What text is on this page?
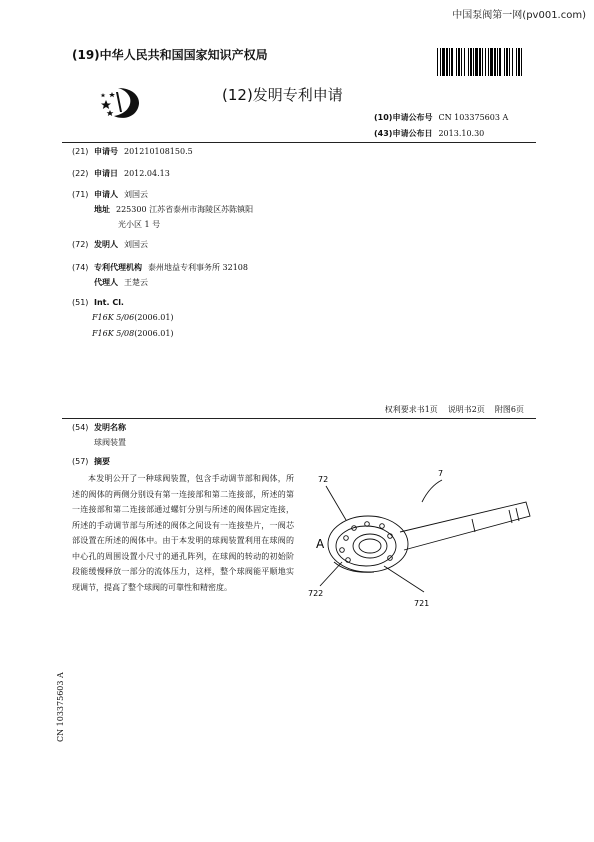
中国泵阀第一网(pv001.com)
(19)中华人民共和国国家知识产权局
(12)发明专利申请
(10)申请公布号 CN 103375603 A
(43)申请公布日 2013.10.30
(21) 申请号 201210108150.5
(22) 申请日 2012.04.13
(71) 申请人 刘国云
地址 225300 江苏省泰州市海陵区苏陈镇阳
光小区 1 号
(72) 发明人 刘国云
(74) 专利代理机构 泰州地益专利事务所 32108
代理人 王楚云
(51) Int. Cl.
F16K 5/06(2006.01)
F16K 5/08(2006.01)
权利要求书1页 说明书2页 附图6页
(54) 发明名称
球阀装置
(57) 摘要
本发明公开了一种球阀装置，包含手动调节部和阀体，所述的阀体的两侧分别设有第一连接部和第二连接部，所述的第一连接部和第二连接部通过螺钉分别与所述的阀体固定连接，所述的手动调节部与所述的阀体之间设有一连接垫片，一阀芯部设置在所述的阀体中。由于本发明的球阀装置利用在球阀的中心孔的周围设置小尺寸的通孔阵列，在球阀的转动的初始阶段能缓慢释放一部分的流体压力，这样，整个球阀能平顺地实现调节，提高了整个球阀的可靠性和精密度。
72
7
A
722
721
CN 103375603 A
